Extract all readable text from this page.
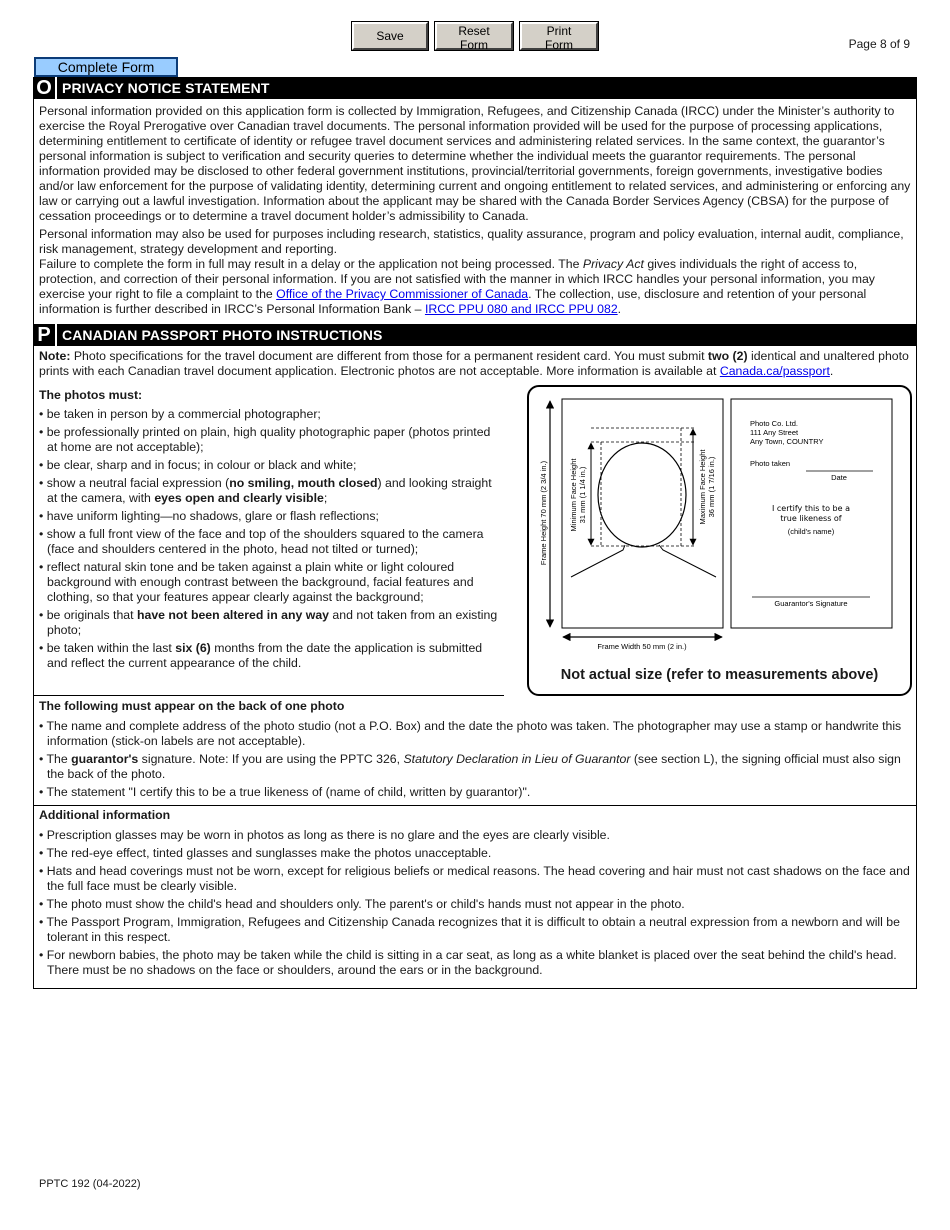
Save	Reset Form
Print Form	Page 8 of 9
Complete Form
O PRIVACY NOTICE STATEMENT

Personal information provided on this application form is collected by Immigration, Refugees, and Citizenship Canada (IRCC) under the Minister’s authority to exercise the Royal Prerogative over Canadian travel documents. The personal information provided will be used for the purpose of processing applications, determining entitlement to certificate of identity or refugee travel document services and administering related services. In the same context, the guarantor’s personal information is subject to verification and security queries to determine whether the individual meets the guarantor requirements. The personal information provided may be disclosed to other federal government institutions, provincial/territorial governments, foreign governments, investigative bodies and/or law enforcement for the purpose of validating identity, determining current and ongoing entitlement to related services, and administering or enforcing any law or carrying out a lawful investigation. Information about the applicant may be shared with the Canada Border Services Agency (CBSA) for the purpose of cessation proceedings or to determine a travel document holder’s admissibility to Canada.

Personal information may also be used for purposes including research, statistics, quality assurance, program and policy evaluation, internal audit, compliance, risk management, strategy development and reporting.

Failure to complete the form in full may result in a delay or the application not being processed. The Privacy Act gives individuals the right of access to, protection, and correction of their personal information. If you are not satisfied with the manner in which IRCC handles your personal information, you may exercise your right to file a complaint to the Office of the Privacy Commissioner of Canada. The collection, use, disclosure and retention of your personal information is further described in IRCC’s Personal Information Bank – IRCC PPU 080 and IRCC PPU 082.

P CANADIAN PASSPORT PHOTO INSTRUCTIONS

Note: Photo specifications for the travel document are different from those for a permanent resident card. You must submit two (2) identical and unaltered photo prints with each Canadian travel document application. Electronic photos are not acceptable. More information is available at Canada.ca/passport.

The photos must:
• be taken in person by a commercial photographer;
• be professionally printed on plain, high quality photographic paper (photos printed at home are not acceptable);
• be clear, sharp and in focus; in colour or black and white;
• show a neutral facial expression (no smiling, mouth closed) and looking straight at the camera, with eyes open and clearly visible;
• have uniform lighting—no shadows, glare or flash reflections;
• show a full front view of the face and top of the shoulders squared to the camera (face and shoulders centered in the photo, head not tilted or turned);
• reflect natural skin tone and be taken against a plain white or light coloured background with enough contrast between the background, facial features and clothing, so that your features appear clearly against the background;
• be originals that have not been altered in any way and not taken from an existing photo;
• be taken within the last six (6) months from the date the application is submitted and reflect the current appearance of the child.
Frame Height 70 mm (2 3/4 in.)
Frame Width 50 mm (2 in.)
Minimum Face Height 31 mm (1 1/4 in.)	Maximum Face Height 36 mm (1 7/16 in.)
Photo Co. Ltd.
111 Any Street
Any Town, COUNTRY
Photo taken
Date
I certify this to be a
true likeness of
(child's name)
Guarantor's Signature
Not actual size (refer to measurements above)
The following must appear on the back of one photo
• The name and complete address of the photo studio (not a P.O. Box) and the date the photo was taken. The photographer may use a stamp or handwrite this information (stick-on labels are not acceptable).
• The guarantor's signature. Note: If you are using the PPTC 326, Statutory Declaration in Lieu of Guarantor (see section L), the signing official must also sign the back of the photo.
• The statement "I certify this to be a true likeness of (name of child, written by guarantor)".
Additional information
• Prescription glasses may be worn in photos as long as there is no glare and the eyes are clearly visible.
• The red-eye effect, tinted glasses and sunglasses make the photos unacceptable.
• Hats and head coverings must not be worn, except for religious beliefs or medical reasons. The head covering and hair must not cast shadows on the face and the full face must be clearly visible.
• The photo must show the child's head and shoulders only. The parent's or child's hands must not appear in the photo.
• The Passport Program, Immigration, Refugees and Citizenship Canada recognizes that it is difficult to obtain a neutral expression from a newborn and will be tolerant in this respect.
• For newborn babies, the photo may be taken while the child is sitting in a car seat, as long as a white blanket is placed over the seat behind the child's head. There must be no shadows on the face or shoulders, around the ears or in the background.
PPTC 192 (04-2022)
